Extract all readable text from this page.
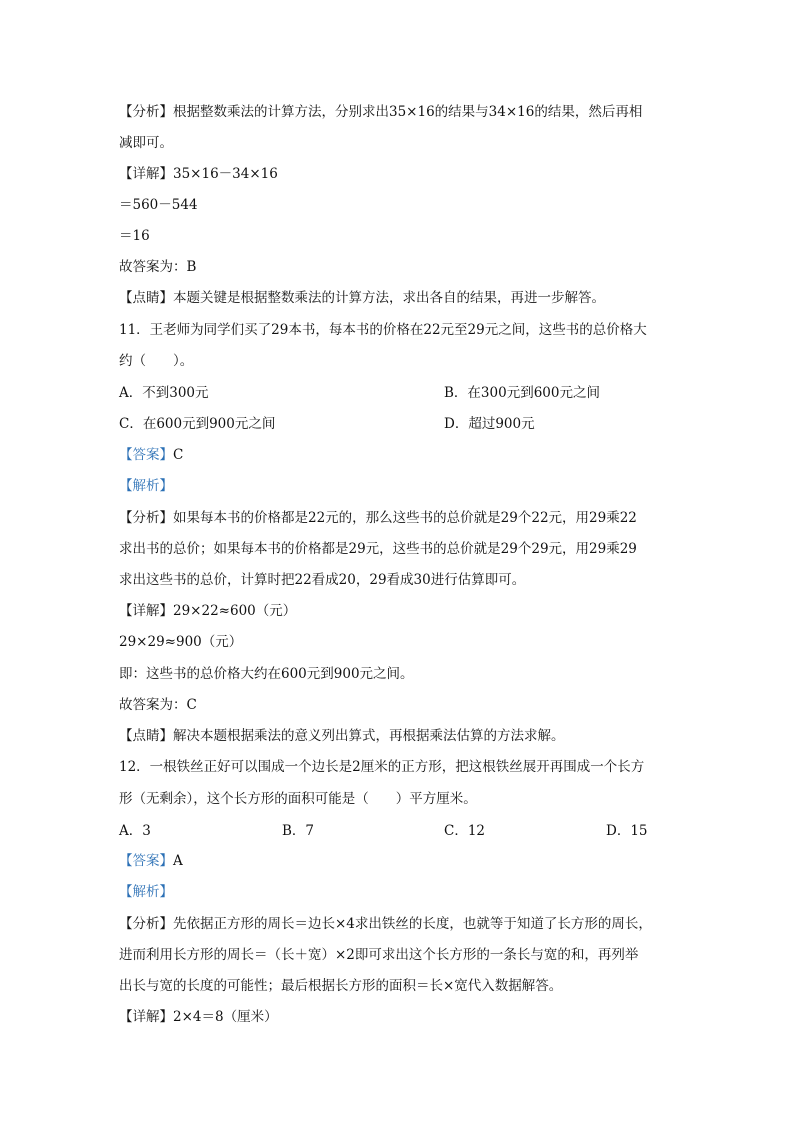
【分析】根据整数乘法的计算方法，分别求出35×16的结果与34×16的结果，然后再相
减即可。
【详解】35×16－34×16
＝560－544
＝16
故答案为：B
【点睛】本题关键是根据整数乘法的计算方法，求出各自的结果，再进一步解答。
11．王老师为同学们买了29本书，每本书的价格在22元至29元之间，这些书的总价格大
约（　　）。
A．不到300元	B．在300元到600元之间
C．在600元到900元之间	D．超过900元
【答案】C
【解析】
【分析】如果每本书的价格都是22元的，那么这些书的总价就是29个22元，用29乘22
求出书的总价；如果每本书的价格都是29元，这些书的总价就是29个29元，用29乘29
求出这些书的总价，计算时把22看成20，29看成30进行估算即可。
【详解】29×22≈600（元）
29×29≈900（元）
即：这些书的总价格大约在600元到900元之间。
故答案为：C
【点睛】解决本题根据乘法的意义列出算式，再根据乘法估算的方法求解。
12．一根铁丝正好可以围成一个边长是2厘米的正方形，把这根铁丝展开再围成一个长方
形（无剩余），这个长方形的面积可能是（　　）平方厘米。
A．3	B．7	C．12	D．15
【答案】A
【解析】
【分析】先依据正方形的周长＝边长×4求出铁丝的长度，也就等于知道了长方形的周长，
进而利用长方形的周长＝（长＋宽）×2即可求出这个长方形的一条长与宽的和，再列举
出长与宽的长度的可能性；最后根据长方形的面积＝长×宽代入数据解答。
【详解】2×4＝8（厘米）
